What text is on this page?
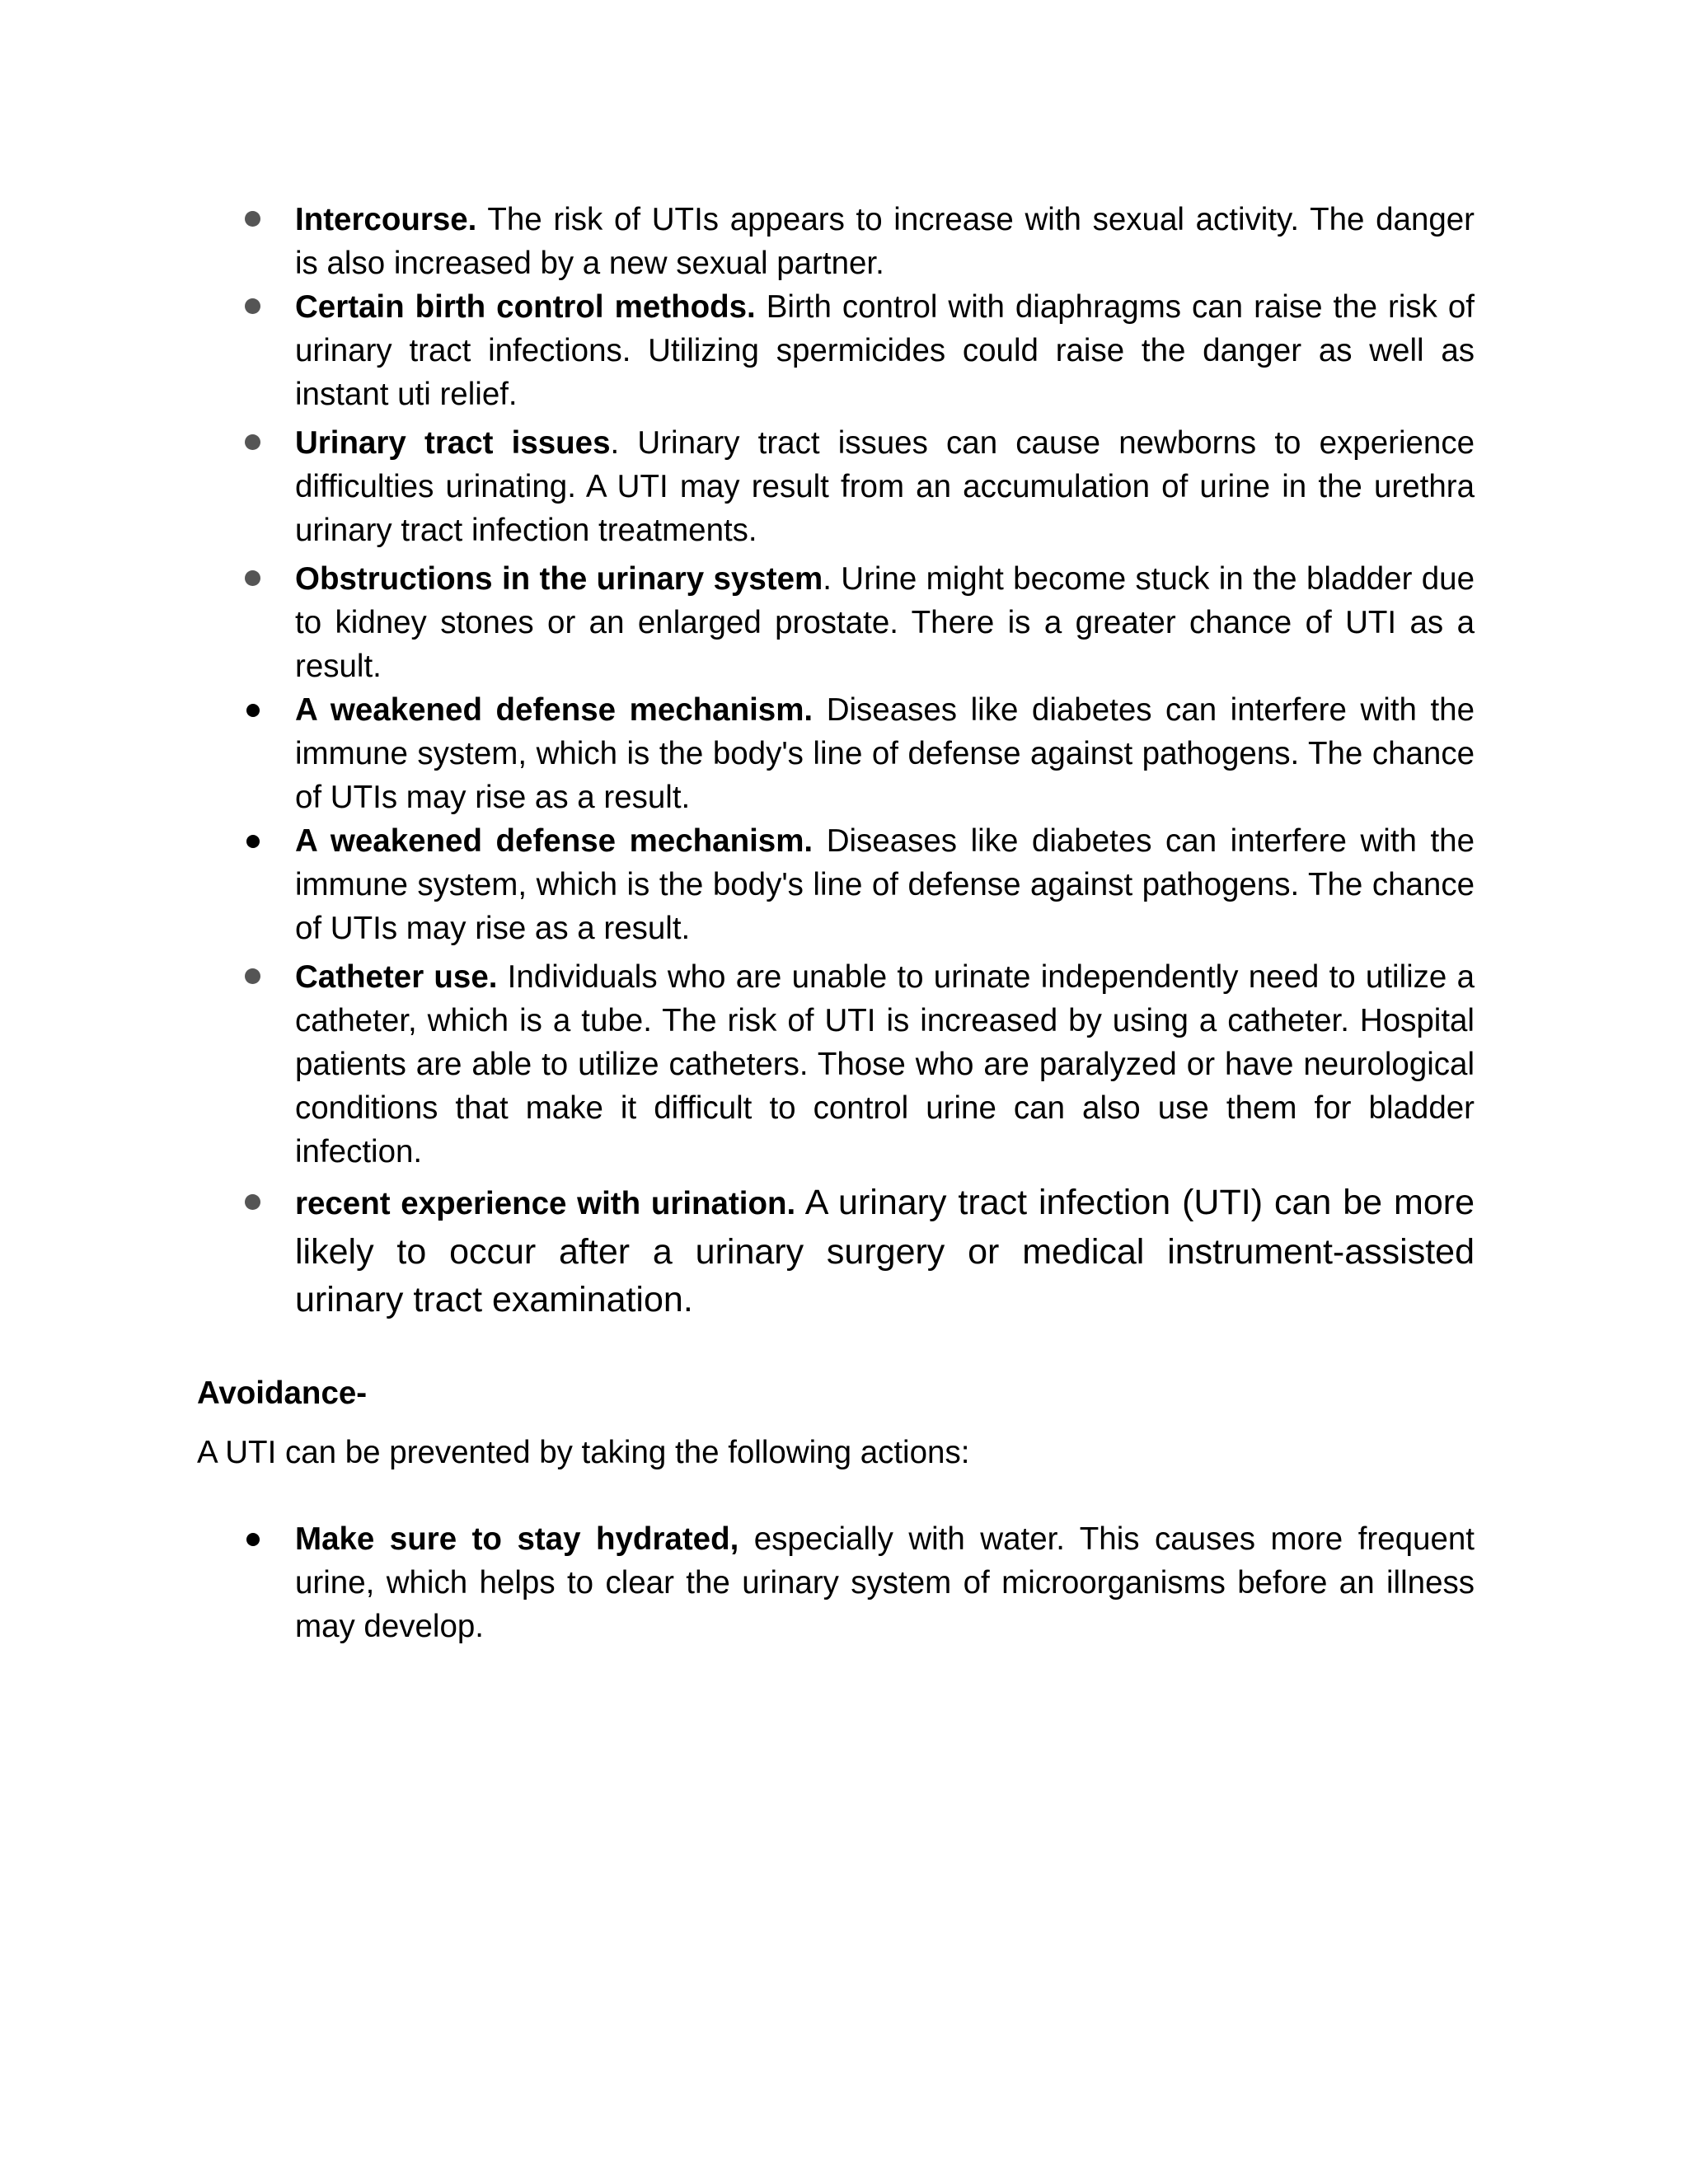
Intercourse. The risk of UTIs appears to increase with sexual activity. The danger is also increased by a new sexual partner.
Certain birth control methods. Birth control with diaphragms can raise the risk of urinary tract infections. Utilizing spermicides could raise the danger as well as instant uti relief.
Urinary tract issues. Urinary tract issues can cause newborns to experience difficulties urinating. A UTI may result from an accumulation of urine in the urethra urinary tract infection treatments.
Obstructions in the urinary system. Urine might become stuck in the bladder due to kidney stones or an enlarged prostate. There is a greater chance of UTI as a result.
A weakened defense mechanism. Diseases like diabetes can interfere with the immune system, which is the body's line of defense against pathogens. The chance of UTIs may rise as a result.
A weakened defense mechanism. Diseases like diabetes can interfere with the immune system, which is the body's line of defense against pathogens. The chance of UTIs may rise as a result.
Catheter use. Individuals who are unable to urinate independently need to utilize a catheter, which is a tube. The risk of UTI is increased by using a catheter. Hospital patients are able to utilize catheters. Those who are paralyzed or have neurological conditions that make it difficult to control urine can also use them for bladder infection.
recent experience with urination. A urinary tract infection (UTI) can be more likely to occur after a urinary surgery or medical instrument-assisted urinary tract examination.

Avoidance-

A UTI can be prevented by taking the following actions:

Make sure to stay hydrated, especially with water. This causes more frequent urine, which helps to clear the urinary system of microorganisms before an illness may develop.
